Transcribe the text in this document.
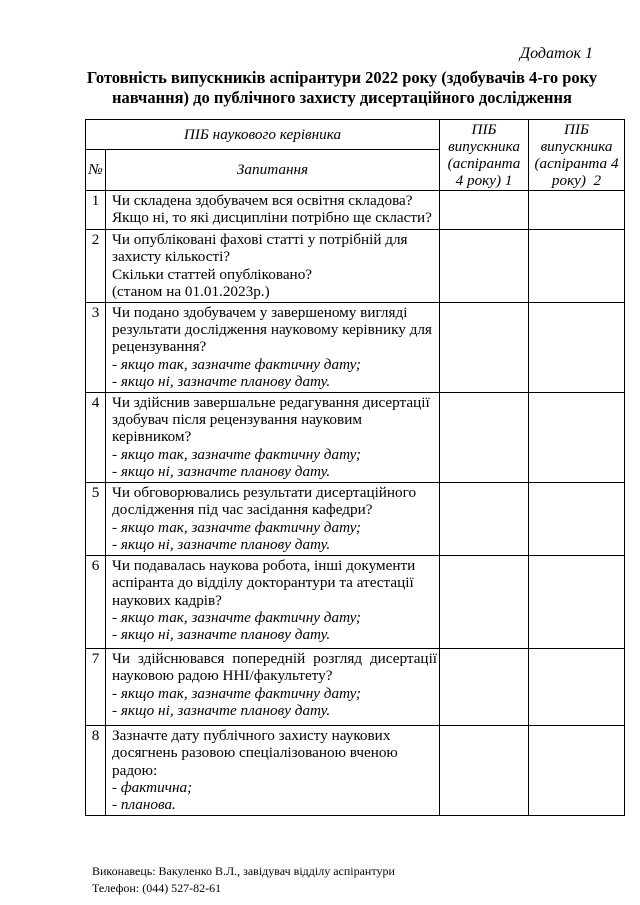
Додаток 1
Готовність випускників аспірантури 2022 року (здобувачів 4-го року навчання) до публічного захисту дисертаційного дослідження
ПІБ наукового керівника		ПІБ випускника (аспіранта 4 року) 1	ПІБ випускника (аспіранта 4 року)  2
№	Запитання		
1	Чи складена здобувачем вся освітня складова?
Якщо ні, то які дисципліни потрібно ще скласти?		

2	Чи опубліковані фахові статті у потрібній для захисту кількості?
Скільки статтей опубліковано?
(станом на 01.01.2023р.)		

3	Чи подано здобувачем у завершеному вигляді результати дослідження науковому керівнику для рецензування?
- якщо так, зазначте фактичну дату;
- якщо ні, зазначте планову дату.		

4	Чи здійснив завершальне редагування дисертації здобувач після рецензування науковим керівником?
- якщо так, зазначте фактичну дату;
- якщо ні, зазначте планову дату.		

5	Чи обговорювались результати дисертаційного дослідження під час засідання кафедри?
- якщо так, зазначте фактичну дату;
- якщо ні, зазначте планову дату.		

6	Чи подавалась наукова робота, інші документи аспіранта до відділу докторантури та атестації наукових кадрів?
- якщо так, зазначте фактичну дату;
- якщо ні, зазначте планову дату.		

7	Чи здійснювався попередній розгляд дисертації науковою радою ННІ/факультету?
- якщо так, зазначте фактичну дату;
- якщо ні, зазначте планову дату.		

8	Зазначте дату публічного захисту наукових досягнень разовою спеціалізованою вченою радою:
- фактична;
- планова.		

Виконавець: Вакуленко В.Л., завідувач відділу аспірантури
Телефон: (044) 527-82-61
